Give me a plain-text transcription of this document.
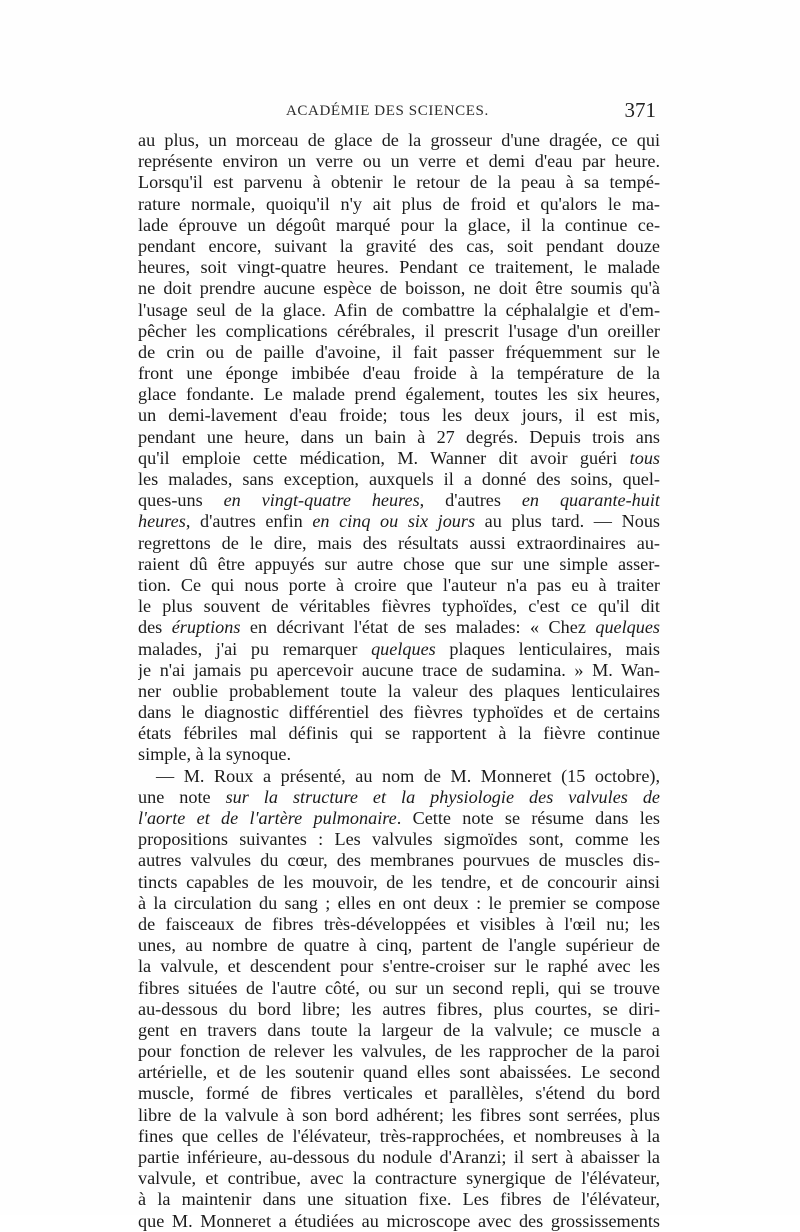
ACADÉMIE DES SCIENCES.	371
au plus, un morceau de glace de la grosseur d'une dragée, ce qui
représente environ un verre ou un verre et demi d'eau par heure.
Lorsqu'il est parvenu à obtenir le retour de la peau à sa tempé-
rature normale, quoiqu'il n'y ait plus de froid et qu'alors le ma-
lade éprouve un dégoût marqué pour la glace, il la continue ce-
pendant encore, suivant la gravité des cas, soit pendant douze
heures, soit vingt-quatre heures. Pendant ce traitement, le malade
ne doit prendre aucune espèce de boisson, ne doit être soumis qu'à
l'usage seul de la glace. Afin de combattre la céphalalgie et d'em-
pêcher les complications cérébrales, il prescrit l'usage d'un oreiller
de crin ou de paille d'avoine, il fait passer fréquemment sur le
front une éponge imbibée d'eau froide à la température de la
glace fondante. Le malade prend également, toutes les six heures,
un demi-lavement d'eau froide; tous les deux jours, il est mis,
pendant une heure, dans un bain à 27 degrés. Depuis trois ans
qu'il emploie cette médication, M. Wanner dit avoir guéri tous
les malades, sans exception, auxquels il a donné des soins, quel-
ques-uns en vingt-quatre heures, d'autres en quarante-huit
heures, d'autres enfin en cinq ou six jours au plus tard. — Nous
regrettons de le dire, mais des résultats aussi extraordinaires au-
raient dû être appuyés sur autre chose que sur une simple asser-
tion. Ce qui nous porte à croire que l'auteur n'a pas eu à traiter
le plus souvent de véritables fièvres typhoïdes, c'est ce qu'il dit
des éruptions en décrivant l'état de ses malades: « Chez quelques
malades, j'ai pu remarquer quelques plaques lenticulaires, mais
je n'ai jamais pu apercevoir aucune trace de sudamina. » M. Wan-
ner oublie probablement toute la valeur des plaques lenticulaires
dans le diagnostic différentiel des fièvres typhoïdes et de certains
états fébriles mal définis qui se rapportent à la fièvre continue
simple, à la synoque.
— M. Roux a présenté, au nom de M. Monneret (15 octobre),
une note sur la structure et la physiologie des valvules de
l'aorte et de l'artère pulmonaire. Cette note se résume dans les
propositions suivantes : Les valvules sigmoïdes sont, comme les
autres valvules du cœur, des membranes pourvues de muscles dis-
tincts capables de les mouvoir, de les tendre, et de concourir ainsi
à la circulation du sang ; elles en ont deux : le premier se compose
de faisceaux de fibres très-développées et visibles à l'œil nu; les
unes, au nombre de quatre à cinq, partent de l'angle supérieur de
la valvule, et descendent pour s'entre-croiser sur le raphé avec les
fibres situées de l'autre côté, ou sur un second repli, qui se trouve
au-dessous du bord libre; les autres fibres, plus courtes, se diri-
gent en travers dans toute la largeur de la valvule; ce muscle a
pour fonction de relever les valvules, de les rapprocher de la paroi
artérielle, et de les soutenir quand elles sont abaissées. Le second
muscle, formé de fibres verticales et parallèles, s'étend du bord
libre de la valvule à son bord adhérent; les fibres sont serrées, plus
fines que celles de l'élévateur, très-rapprochées, et nombreuses à la
partie inférieure, au-dessous du nodule d'Aranzi; il sert à abaisser la
valvule, et contribue, avec la contracture synergique de l'élévateur,
à la maintenir dans une situation fixe. Les fibres de l'élévateur,
que M. Monneret a étudiées au microscope avec des grossissements
